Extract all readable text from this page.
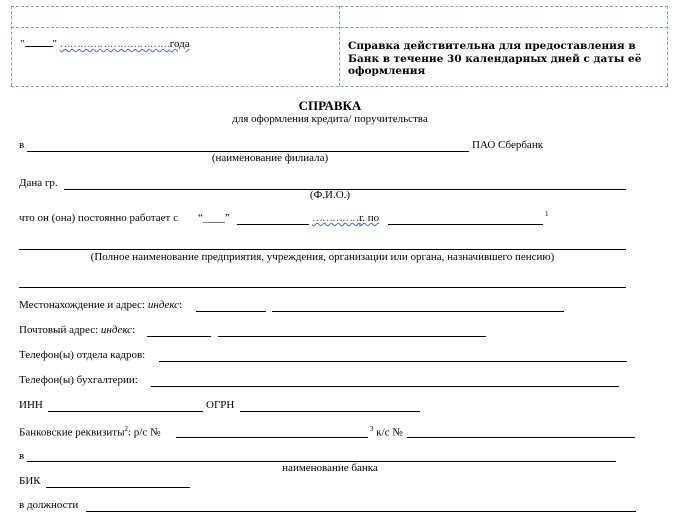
"	" ……………………………года	Справка действительна для предоставления в Банк в течение 30 календарных дней с даты её оформления
СПРАВКА
для оформления кредита/ поручительства
в	ПАО Сбербанк
(наименование филиала)
Дана гр.
(Ф.И.О.)
что он (она) постоянно работает с “____”	……………
г. по	1
(Полное наименование предприятия, учреждения, организации или органа, назначившего пенсию)
Местонахождение и адрес: индекс:
Почтовый адрес: индекс:
Телефон(ы) отдела кадров:
Телефон(ы) бухгалтерии:
ИНН	ОГРН
Банковские реквизиты$^2$: р/с №	$^3$ к/с №
в
наименование банка
БИК
в должности
